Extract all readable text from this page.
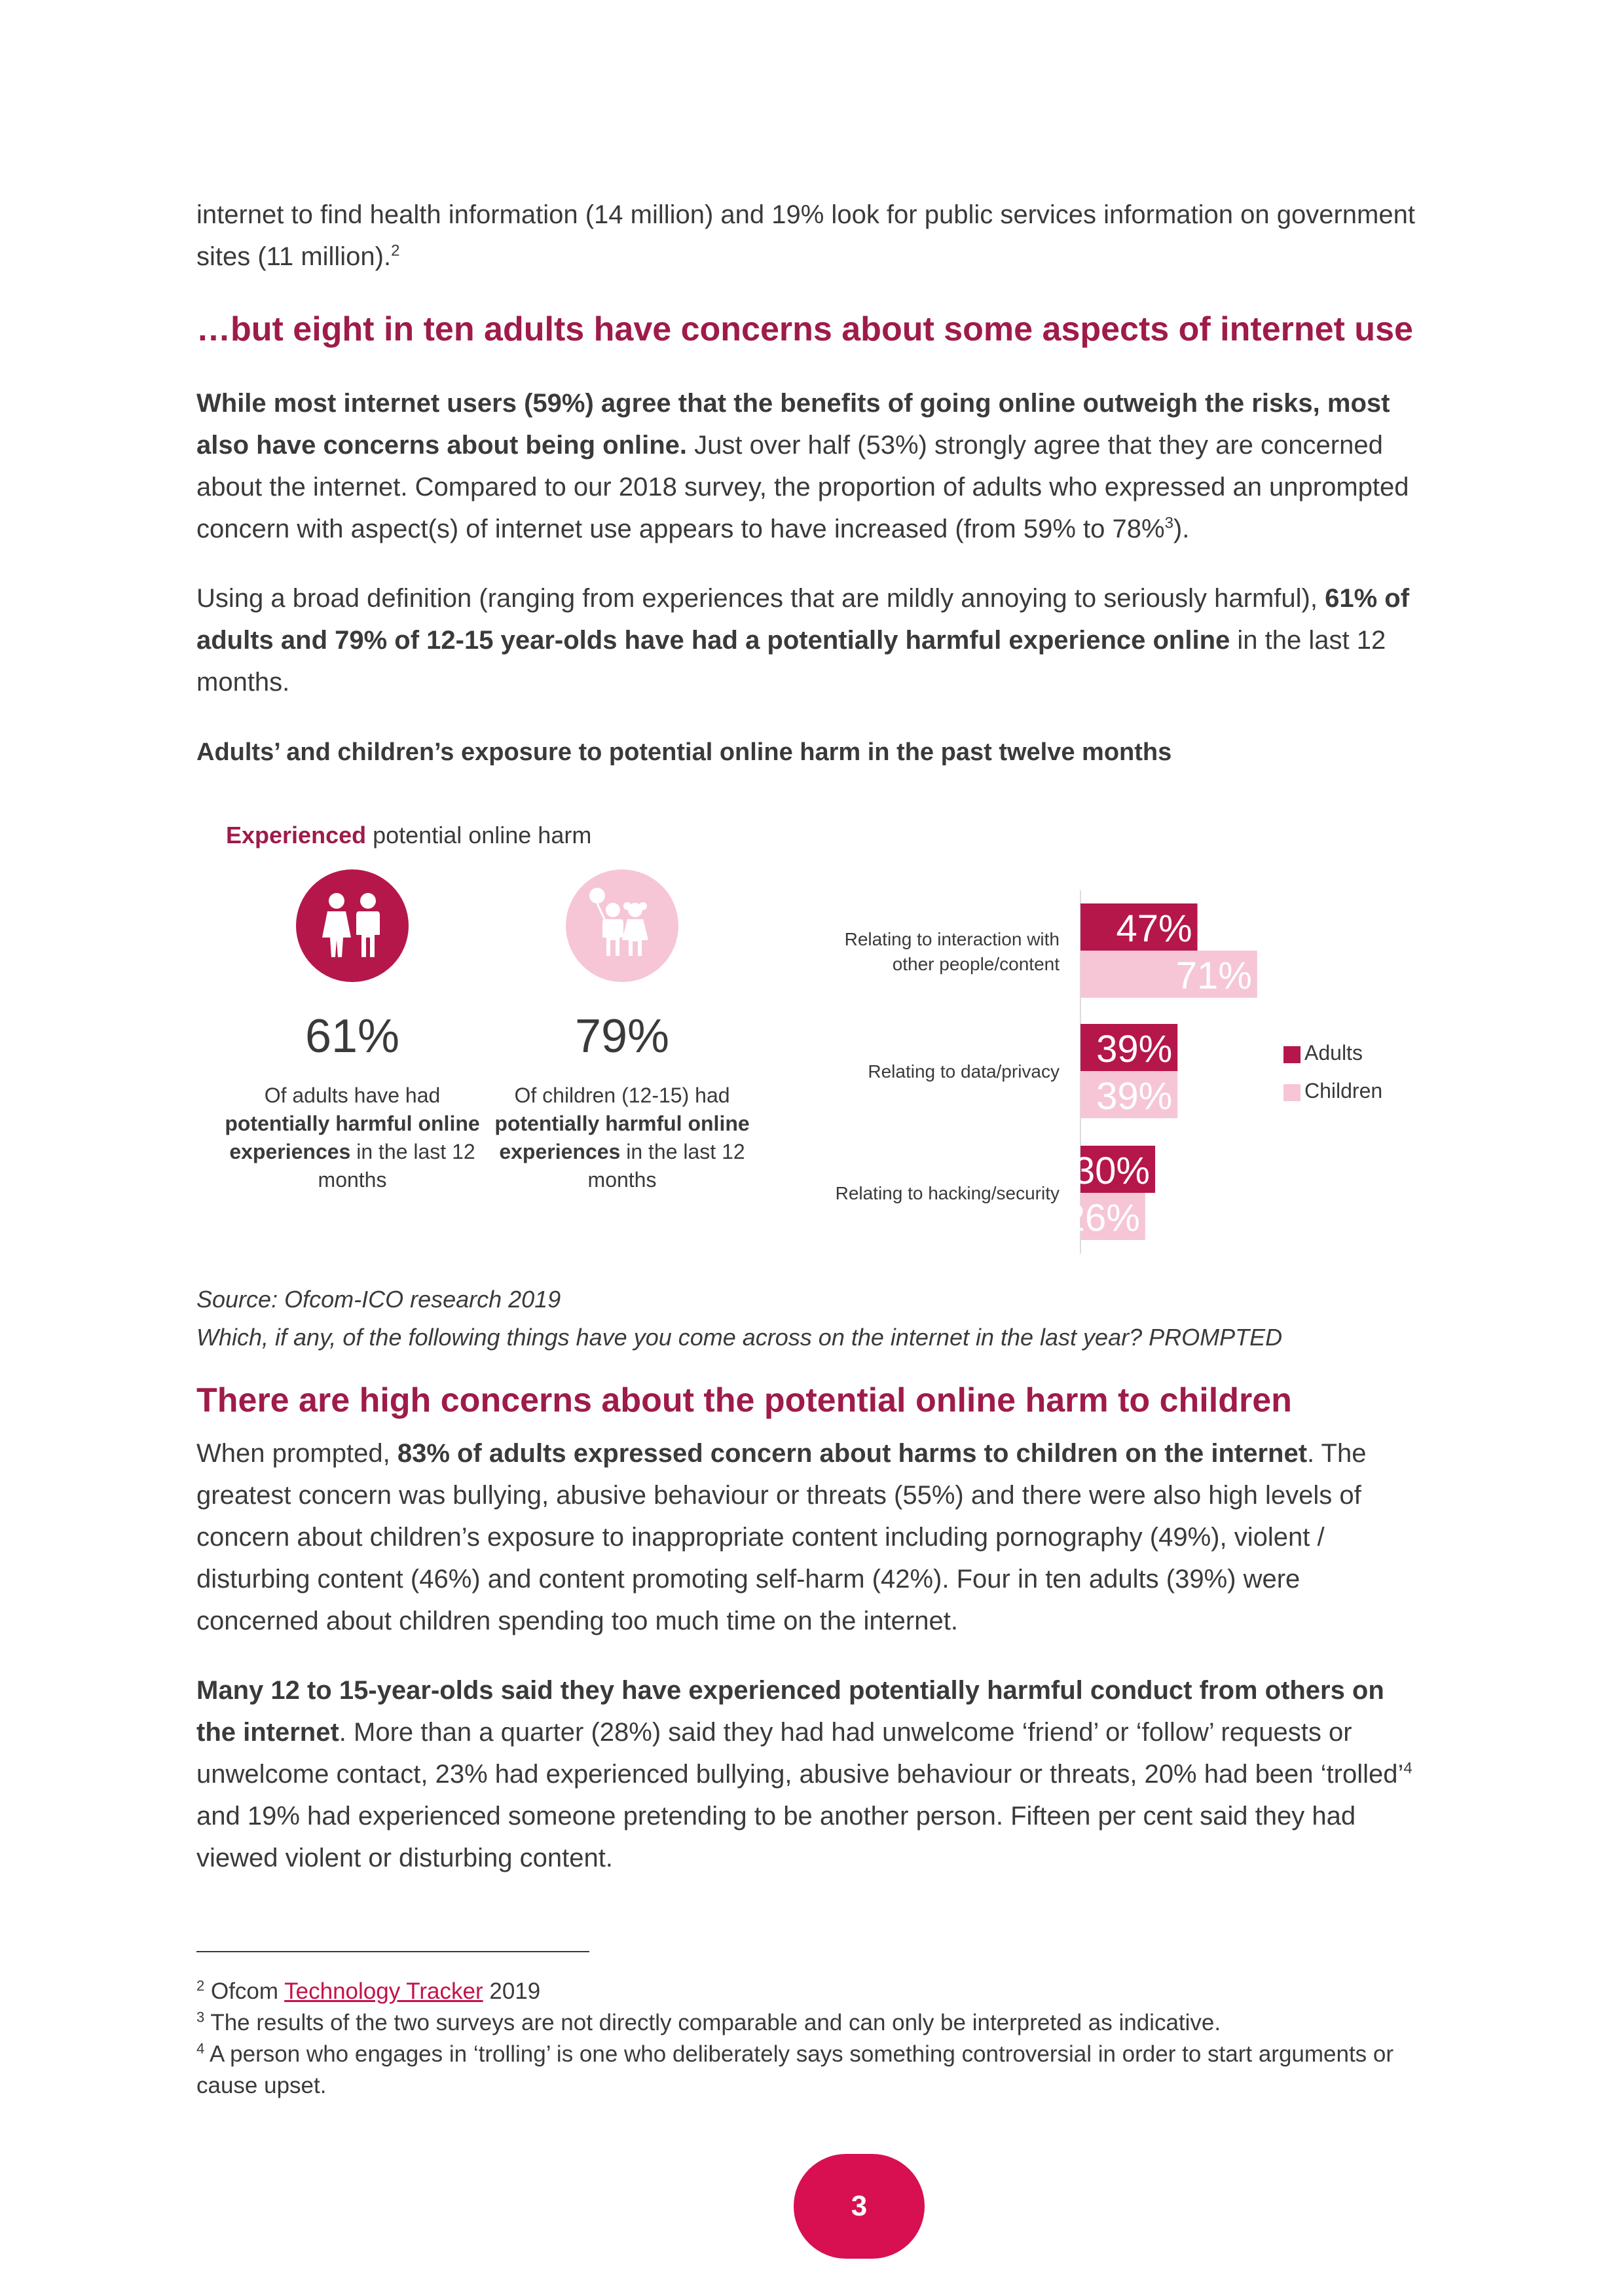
internet to find health information (14 million) and 19% look for public services information on government sites (11 million).$^2$

…but eight in ten adults have concerns about some aspects of internet use

While most internet users (59%) agree that the benefits of going online outweigh the risks, most also have concerns about being online. Just over half (53%) strongly agree that they are concerned about the internet. Compared to our 2018 survey, the proportion of adults who expressed an unprompted concern with aspect(s) of internet use appears to have increased (from 59% to 78%$^3$).

Using a broad definition (ranging from experiences that are mildly annoying to seriously harmful), 61% of adults and 79% of 12-15 year-olds have had a potentially harmful experience online in the last 12 months.

Adults’ and children’s exposure to potential online harm in the past twelve months
Experienced potential online harm
61%	79%
Of adults have had
potentially harmful online experiences in the last 12 months
Of children (12-15) had
potentially harmful online experiences in the last 12 months
Relating to interaction with other people/content
47%
71%
Relating to data/privacy
39%
39%
Relating to hacking/security
30%
26%
Adults
Children
Source: Ofcom-ICO research 2019
Which, if any, of the following things have you come across on the internet in the last year? PROMPTED
There are high concerns about the potential online harm to children

When prompted, 83% of adults expressed concern about harms to children on the internet. The greatest concern was bullying, abusive behaviour or threats (55%) and there were also high levels of concern about children’s exposure to inappropriate content including pornography (49%), violent / disturbing content (46%) and content promoting self-harm (42%). Four in ten adults (39%) were concerned about children spending too much time on the internet.

Many 12 to 15-year-olds said they have experienced potentially harmful conduct from others on the internet. More than a quarter (28%) said they had had unwelcome ‘friend’ or ‘follow’ requests or unwelcome contact, 23% had experienced bullying, abusive behaviour or threats, 20% had been ‘trolled’$^4$ and 19% had experienced someone pretending to be another person. Fifteen per cent said they had viewed violent or disturbing content.

$^2$ Ofcom Technology Tracker 2019
$^3$ The results of the two surveys are not directly comparable and can only be interpreted as indicative.
$^4$ A person who engages in ‘trolling’ is one who deliberately says something controversial in order to start arguments or cause upset.
3
